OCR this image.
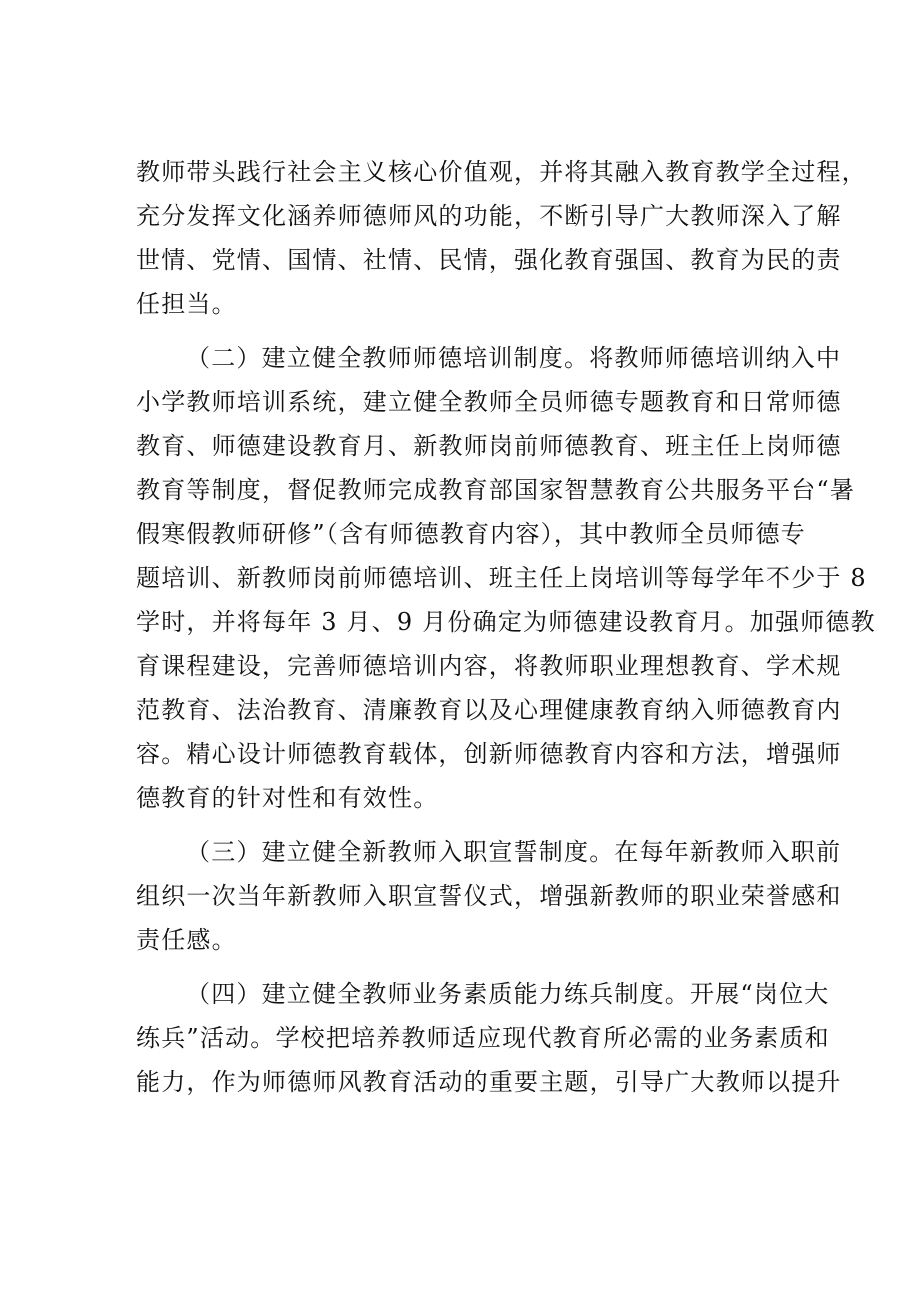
教师带头践行社会主义核心价值观，并将其融入教育教学全过程，
充分发挥文化涵养师德师风的功能，不断引导广大教师深入了解
世情、党情、国情、社情、民情，强化教育强国、教育为民的责
任担当。
（二）建立健全教师师德培训制度。将教师师德培训纳入中
小学教师培训系统，建立健全教师全员师德专题教育和日常师德
教育、师德建设教育月、新教师岗前师德教育、班主任上岗师德
教育等制度，督促教师完成教育部国家智慧教育公共服务平台“暑
假寒假教师研修”（含有师德教育内容），其中教师全员师德专
题培训、新教师岗前师德培训、班主任上岗培训等每学年不少于 8
学时，并将每年 3 月、9 月份确定为师德建设教育月。加强师德教
育课程建设，完善师德培训内容，将教师职业理想教育、学术规
范教育、法治教育、清廉教育以及心理健康教育纳入师德教育内
容。精心设计师德教育载体，创新师德教育内容和方法，增强师
德教育的针对性和有效性。
（三）建立健全新教师入职宣誓制度。在每年新教师入职前
组织一次当年新教师入职宣誓仪式，增强新教师的职业荣誉感和
责任感。
（四）建立健全教师业务素质能力练兵制度。开展“岗位大
练兵”活动。学校把培养教师适应现代教育所必需的业务素质和
能力，作为师德师风教育活动的重要主题，引导广大教师以提升
